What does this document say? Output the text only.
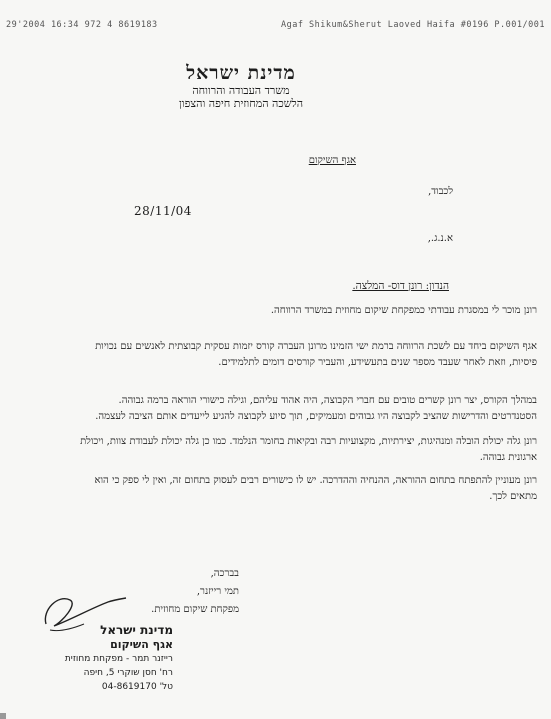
29'2004 16:34 972 4 8619183	Agaf Shikum&Sherut Laoved Haifa #0196 P.001/001
מדינת ישראל
משרד העבודה והרווחה
הלשכה המחוזית חיפה והצפון
אגף השיקום
לכבוד,
28/11/04
א.נ.ג.,
הנדון: רונן דוס- המלצה.
רונן מוכר לי במסגרת עבודתי כמפקחת שיקום מחוזית במשרד הרווחה.
אגף השיקום ביחד עם לשכת הרווחה ברמת ישי הזמינו מרונן העברה קורס יזמות עסקית קבוצתית לאנשים עם נכויות פיסיות, וזאת לאחר שעבד מספר שנים בתעשידע, והעביר קורסים דומים לתלמידים.
במהלך הקורס, יצר רונן קשרים טובים עם חברי הקבוצה, היה אהוד עליהם, וגילה כישורי הוראה ברמה גבוהה. הסטנדרטים והדרישות שהציב לקבוצה היו גבוהים ומעמיקים, תוך סיוע לקבוצה להגיע לייעדים אותם הציבה לעצמה.
רונן גלה יכולת הובלה ומנהיגות, יצירתיות, מקצועיות רבה ובקיאות בחומר הנלמד. כמו כן גלה יכולת לעבודת צוות, ויכולת ארגונית גבוהה.
רונן מעוניין להתפתח בתחום ההוראה, ההנחיה וההדרכה. יש לו כישורים רבים לעסוק בתחום זה, ואין לי ספק כי הוא מתאים לכך.
בברכה,
תמי רייזנר,
מפקחת שיקום מחוזית.
מדינת ישראל
אגף השיקום
רייזנר תמר - מפקחת מחוזית
רח' חסן שוקרי 5, חיפה
טל' 04-8619170
